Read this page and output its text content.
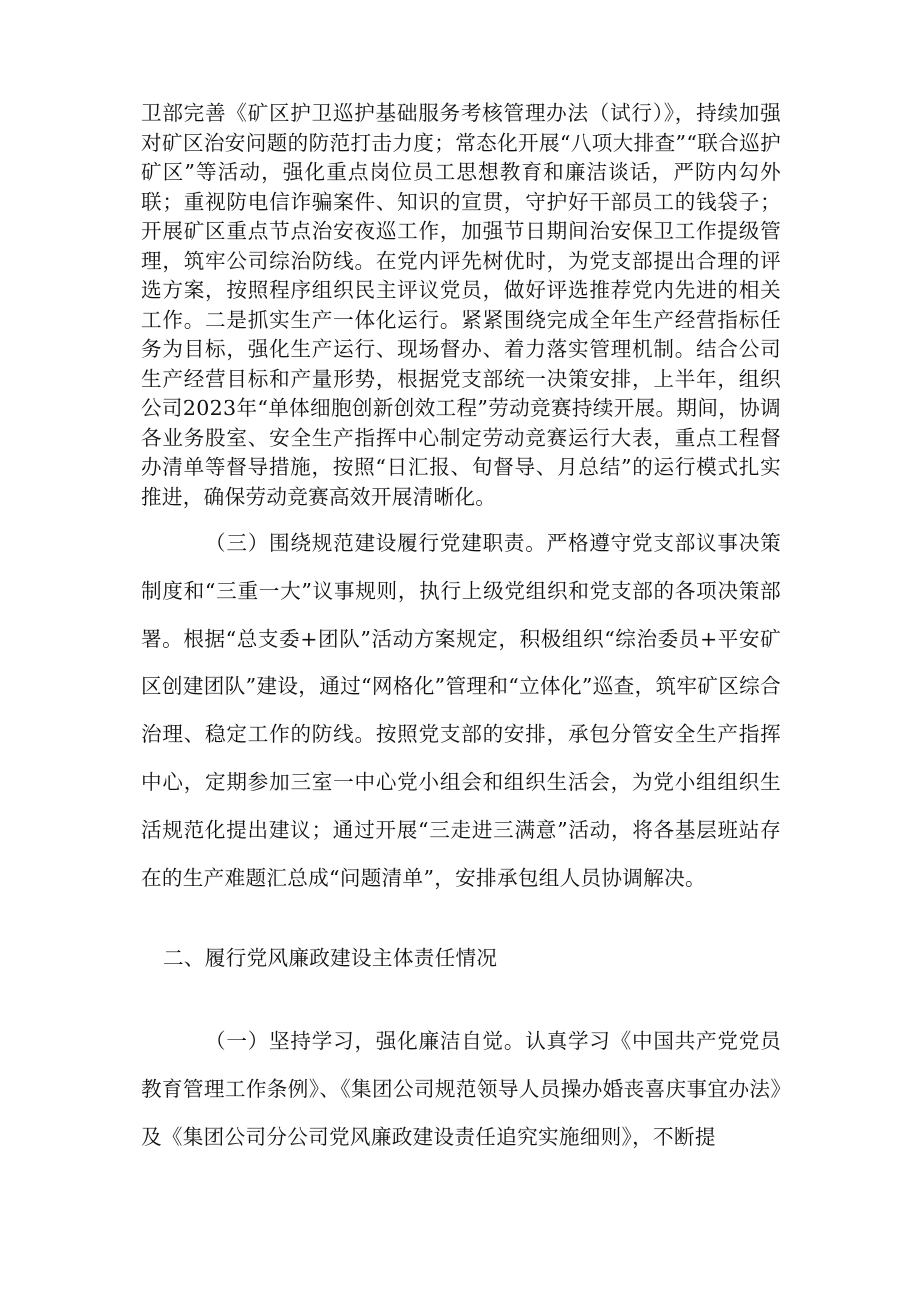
卫部完善《矿区护卫巡护基础服务考核管理办法（试行）》，持续加强对矿区治安问题的防范打击力度；常态化开展“八项大排查”“联合巡护矿区”等活动，强化重点岗位员工思想教育和廉洁谈话，严防内勾外联；重视防电信诈骗案件、知识的宣贯，守护好干部员工的钱袋子；开展矿区重点节点治安夜巡工作，加强节日期间治安保卫工作提级管理，筑牢公司综治防线。在党内评先树优时，为党支部提出合理的评选方案，按照程序组织民主评议党员，做好评选推荐党内先进的相关工作。二是抓实生产一体化运行。紧紧围绕完成全年生产经营指标任务为目标，强化生产运行、现场督办、着力落实管理机制。结合公司生产经营目标和产量形势，根据党支部统一决策安排，上半年，组织公司2023年“单体细胞创新创效工程”劳动竞赛持续开展。期间，协调各业务股室、安全生产指挥中心制定劳动竞赛运行大表，重点工程督办清单等督导措施，按照“日汇报、旬督导、月总结”的运行模式扎实推进，确保劳动竞赛高效开展清晰化。

（三）围绕规范建设履行党建职责。严格遵守党支部议事决策制度和“三重一大”议事规则，执行上级党组织和党支部的各项决策部署。根据“总支委+团队”活动方案规定，积极组织“综治委员+平安矿区创建团队”建设，通过“网格化”管理和“立体化”巡查，筑牢矿区综合治理、稳定工作的防线。按照党支部的安排，承包分管安全生产指挥中心，定期参加三室一中心党小组会和组织生活会，为党小组组织生活规范化提出建议；通过开展“三走进三满意”活动，将各基层班站存在的生产难题汇总成“问题清单”，安排承包组人员协调解决。

二、履行党风廉政建设主体责任情况

（一）坚持学习，强化廉洁自觉。认真学习《中国共产党党员教育管理工作条例》、《集团公司规范领导人员操办婚丧喜庆事宜办法》及《集团公司分公司党风廉政建设责任追究实施细则》，不断提
